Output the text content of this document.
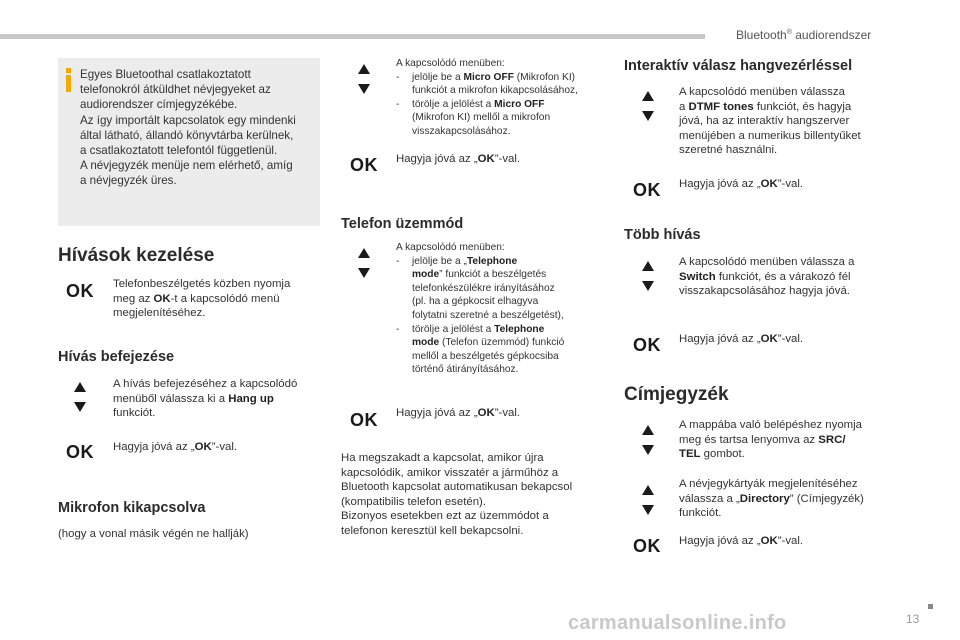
Bluetooth® audiorendszer
Egyes Bluetoothal csatlakoztatott
telefonokról átküldhet névjegyeket az
audiorendszer címjegyzékébe.
Az így importált kapcsolatok egy mindenki
által látható, állandó könyvtárba kerülnek,
a csatlakoztatott telefontól függetlenül.
A névjegyzék menüje nem elérhető, amíg
a névjegyzék üres.
Hívások kezelése
OK Telefonbeszélgetés közben nyomja
meg az OK-t a kapcsolódó menü
megjelenítéséhez.
Hívás befejezése
A hívás befejezéséhez a kapcsolódó
menüből válassza ki a Hang up
funkciót.
OK Hagyja jóvá az „OK”-val.
Mikrofon kikapcsolva
(hogy a vonal másik végén ne hallják)
A kapcsolódó menüben:
- jelölje be a Micro OFF (Mikrofon KI)
funkciót a mikrofon kikapcsolásához,
- törölje a jelölést a Micro OFF
(Mikrofon KI) mellől a mikrofon
visszakapcsolásához.
OK Hagyja jóvá az „OK”-val.
Telefon üzemmód
A kapcsolódó menüben:
- jelölje be a „Telephone
mode” funkciót a beszélgetés
telefonkészülékre irányításához
(pl. ha a gépkocsit elhagyva
folytatni szeretné a beszélgetést),
- törölje a jelölést a Telephone
mode (Telefon üzemmód) funkció
mellől a beszélgetés gépkocsiba
történő átirányításához.
OK Hagyja jóvá az „OK”-val.
Ha megszakadt a kapcsolat, amikor újra
kapcsolódik, amikor visszatér a járműhöz a
Bluetooth kapcsolat automatikusan bekapcsol
(kompatibilis telefon esetén).
Bizonyos esetekben ezt az üzemmódot a
telefonon keresztül kell bekapcsolni.
Interaktív válasz hangvezérléssel
A kapcsolódó menüben válassza
a DTMF tones funkciót, és hagyja
jóvá, ha az interaktív hangszerver
menüjében a numerikus billentyűket
szeretné használni.
OK Hagyja jóvá az „OK”-val.
Több hívás
A kapcsolódó menüben válassza a
Switch funkciót, és a várakozó fél
visszakapcsolásához hagyja jóvá.
OK Hagyja jóvá az „OK”-val.
Címjegyzék
A mappába való belépéshez nyomja
meg és tartsa lenyomva az SRC/
TEL gombot.
A névjegykártyák megjelenítéséhez
válassza a „Directory” (Címjegyzék)
funkciót.
OK Hagyja jóvá az „OK”-val.
13
carmanualsonline.info
